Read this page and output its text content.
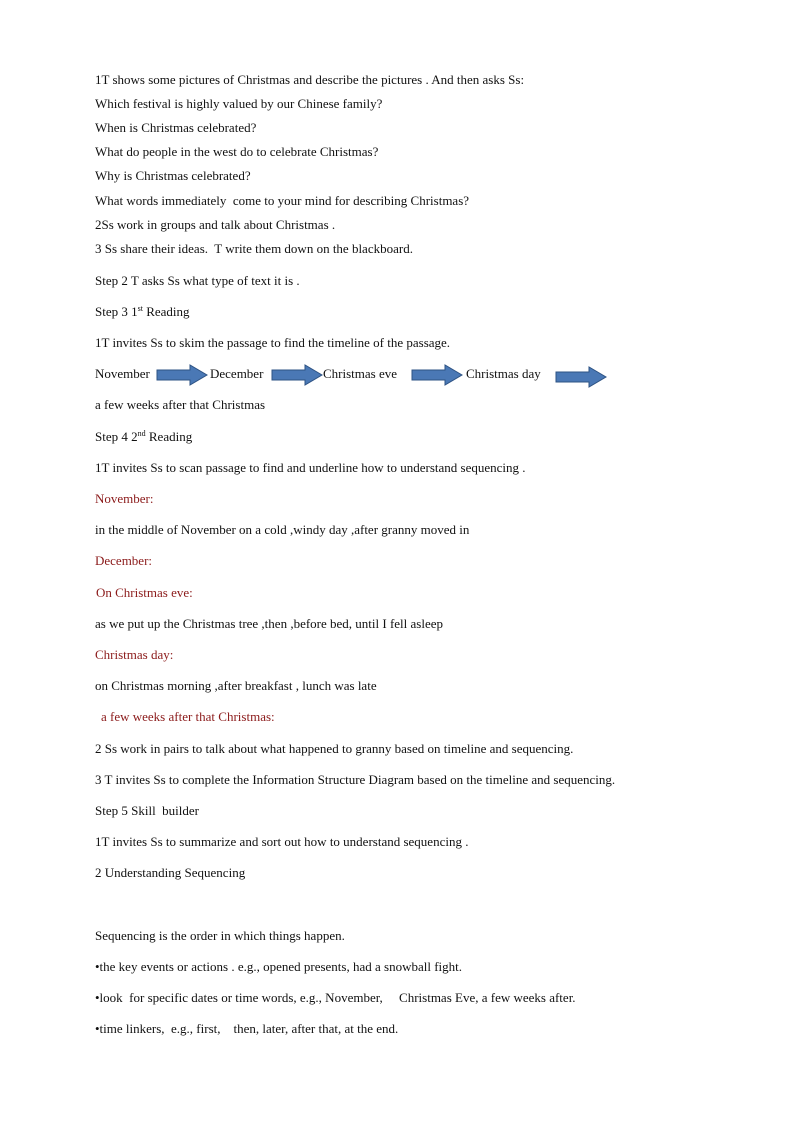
1T shows some pictures of Christmas and describe the pictures . And then asks Ss:
Which festival is highly valued by our Chinese family?
When is Christmas celebrated?
What do people in the west do to celebrate Christmas?
Why is Christmas celebrated?
What words immediately  come to your mind for describing Christmas?
2Ss work in groups and talk about Christmas .
3 Ss share their ideas.  T write them down on the blackboard.
Step 2 T asks Ss what type of text it is .
Step 3 1st Reading
1T invites Ss to skim the passage to find the timeline of the passage.
November	December	Christmas eve	Christmas day
a few weeks after that Christmas
Step 4 2nd Reading
1T invites Ss to scan passage to find and underline how to understand sequencing .
November:
in the middle of November on a cold ,windy day ,after granny moved in
December:
On Christmas eve:
as we put up the Christmas tree ,then ,before bed, until I fell asleep
Christmas day:
on Christmas morning ,after breakfast , lunch was late
a few weeks after that Christmas:
2 Ss work in pairs to talk about what happened to granny based on timeline and sequencing.
3 T invites Ss to complete the Information Structure Diagram based on the timeline and sequencing.
Step 5 Skill  builder
1T invites Ss to summarize and sort out how to understand sequencing .
2 Understanding Sequencing
Sequencing is the order in which things happen.
•the key events or actions . e.g., opened presents, had a snowball fight.
•look  for specific dates or time words, e.g., November,     Christmas Eve, a few weeks after.
•time linkers,  e.g., first,    then, later, after that, at the end.
